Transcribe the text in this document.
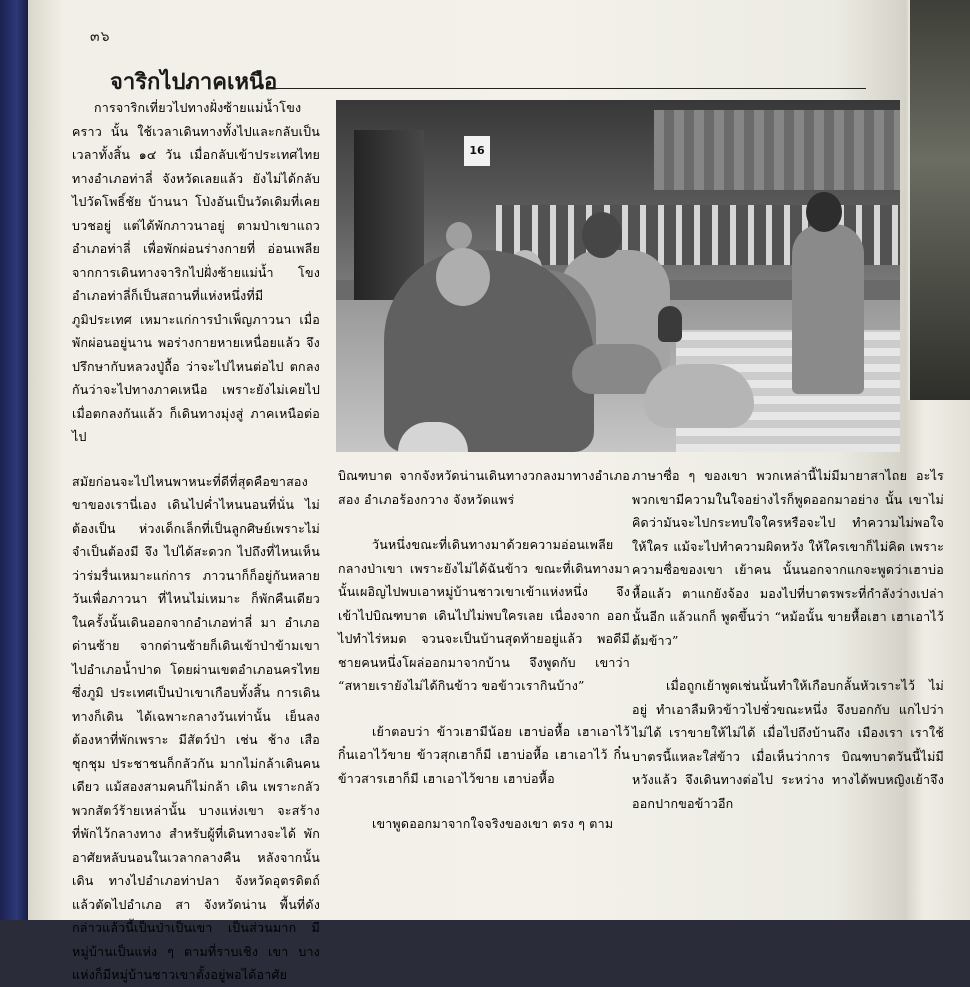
๓๖
จาริกไปภาคเหนือ

การจาริกเที่ยวไปทางฝั่งซ้ายแม่น้ำโขงคราว นั้น ใช้เวลาเดินทางทั้งไปและกลับเป็นเวลาทั้งสิ้น ๑๔ วัน เมื่อกลับเข้าประเทศไทยทางอำเภอท่าลี่ จังหวัดเลยแล้ว ยังไม่ได้กลับไปวัดโพธิ์ชัย บ้านนา โป่งอันเป็นวัดเดิมที่เคยบวชอยู่ แต่ได้พักภาวนาอยู่ ตามป่าเขาแถวอำเภอท่าลี่ เพื่อพักผ่อนร่างกายที่ อ่อนเพลียจากการเดินทางจาริกไปฝั่งซ้ายแม่น้ำ โขง อำเภอท่าลี่ก็เป็นสถานที่แห่งหนึ่งที่มีภูมิประเทศ เหมาะแก่การบำเพ็ญภาวนา เมื่อพักผ่อนอยู่นาน พอร่างกายหายเหนื่อยแล้ว จึงปรึกษากับหลวงปู่ถื้อ ว่าจะไปไหนต่อไป ตกลงกันว่าจะไปทางภาคเหนือ เพราะยังไม่เคยไป เมื่อตกลงกันแล้ว ก็เดินทางมุ่งสู่ ภาคเหนือต่อไป

สมัยก่อนจะไปไหนพาหนะที่ดีที่สุดคือขาสอง ขาของเรานี่เอง เดินไปค่ำไหนนอนที่นั่น ไม่ต้องเป็น ห่วงเด็กเล็กที่เป็นลูกศิษย์เพราะไม่จำเป็นต้องมี จึง ไปได้สะดวก ไปถึงที่ไหนเห็นว่าร่มรื่นเหมาะแก่การ ภาวนาก็ก็อยู่กันหลายวันเพื่อภาวนา ที่ไหนไม่เหมาะ ก็พักคืนเดียว ในครั้งนั้นเดินออกจากอำเภอท่าลี่ มา อำเภอด่านซ้าย จากด่านซ้ายก็เดินเข้าป่าข้ามเขา ไปอำเภอน้ำปาด โดยผ่านเขตอำเภอนครไทย ซึ่งภูมิ ประเทศเป็นป่าเขาเกือบทั้งสิ้น การเดินทางก็เดิน ได้เฉพาะกลางวันเท่านั้น เย็นลงต้องหาที่พักเพราะ มีสัตว์ป่า เช่น ช้าง เสือ ชุกชุม ประชาชนก็กลัวกัน มากไม่กล้าเดินคนเดียว แม้สองสามคนก็ไม่กล้า เดิน เพราะกลัวพวกสัตว์ร้ายเหล่านั้น บางแห่งเขา จะสร้างที่พักไว้กลางทาง สำหรับผู้ที่เดินทางจะได้ พักอาศัยหลับนอนในเวลากลางคืน หลังจากนั้นเดิน ทางไปอำเภอท่าปลา จังหวัดอุตรดิตถ์แล้วตัดไปอำเภอ สา จังหวัดน่าน พื้นที่ดังกล่าวแล้วนี้เป็นป่าเป็นเขา เป็นส่วนมาก มีหมู่บ้านเป็นแห่ง ๆ ตามที่ราบเชิง เขา บางแห่งก็มีหมู่บ้านชาวเขาตั้งอยู่พอได้อาศัย

16

บิณฑบาต จากจังหวัดน่านเดินทางวกลงมาทางอำเภอ สอง อำเภอร้องกวาง จังหวัดแพร่

วันหนึ่งขณะที่เดินทางมาด้วยความอ่อนเพลีย กลางป่าเขา เพราะยังไม่ได้ฉันข้าว ขณะที่เดินทางมา นั้นเผอิญไปพบเอาหมู่บ้านชาวเขาเข้าแห่งหนึ่ง จึง เข้าไปบิณฑบาต เดินไปไม่พบใครเลย เนื่องจาก ออกไปทำไร่หมด จวนจะเป็นบ้านสุดท้ายอยู่แล้ว พอดีมีชายคนหนึ่งโผล่ออกมาจากบ้าน จึงพูดกับ เขาว่า “สหายเรายังไม่ได้กินข้าว ขอข้าวเรากินบ้าง”

เย้าตอบว่า ข้าวเฮามีน้อย เฮาบ่อหื้อ เฮาเอาไว้ กิ๋นเอาไว้ขาย ข้าวสุกเฮาก็มี เฮาบ่อหื้อ เฮาเอาไว้ กิ๋น ข้าวสารเฮาก็มี เฮาเอาไว้ขาย เฮาบ่อหื้อ

เขาพูดออกมาจากใจจริงของเขา ตรง ๆ ตาม

ภาษาซื่อ ๆ ของเขา พวกเหล่านี้ไม่มีมายาสาไถย อะไร พวกเขามีความในใจอย่างไรก็พูดออกมาอย่าง นั้น เขาไม่คิดว่ามันจะไปกระทบใจใครหรือจะไป ทำความไม่พอใจให้ใคร แม้จะไปทำความผิดหวัง ให้ใครเขาก็ไม่คิด เพราะความซื่อของเขา เย้าคน นั้นนอกจากแกจะพูดว่าเฮาบ่อหื้อแล้ว ตาแกยังจ้อง มองไปที่บาตรพระที่กำลังว่างเปล่านั้นอีก แล้วแกก็ พูดขึ้นว่า “หม้อนั้น ขายหื้อเฮา เฮาเอาไว้ต้มข้าว”

เมื่อถูกเย้าพูดเช่นนั้นทำให้เกือบกลั้นหัวเราะไว้ ไม่อยู่ ทำเอาลืมหิวข้าวไปชั่วขณะหนึ่ง จึงบอกกับ แกไปว่า ไม่ได้ เราขายให้ไม่ได้ เมื่อไปถึงบ้านถึง เมืองเรา เราใช้บาตรนี้แหละใส่ข้าว เมื่อเห็นว่าการ บิณฑบาตวันนี้ไม่มีหวังแล้ว จึงเดินทางต่อไป ระหว่าง ทางได้พบหญิงเย้าจึงออกปากขอข้าวอีก
